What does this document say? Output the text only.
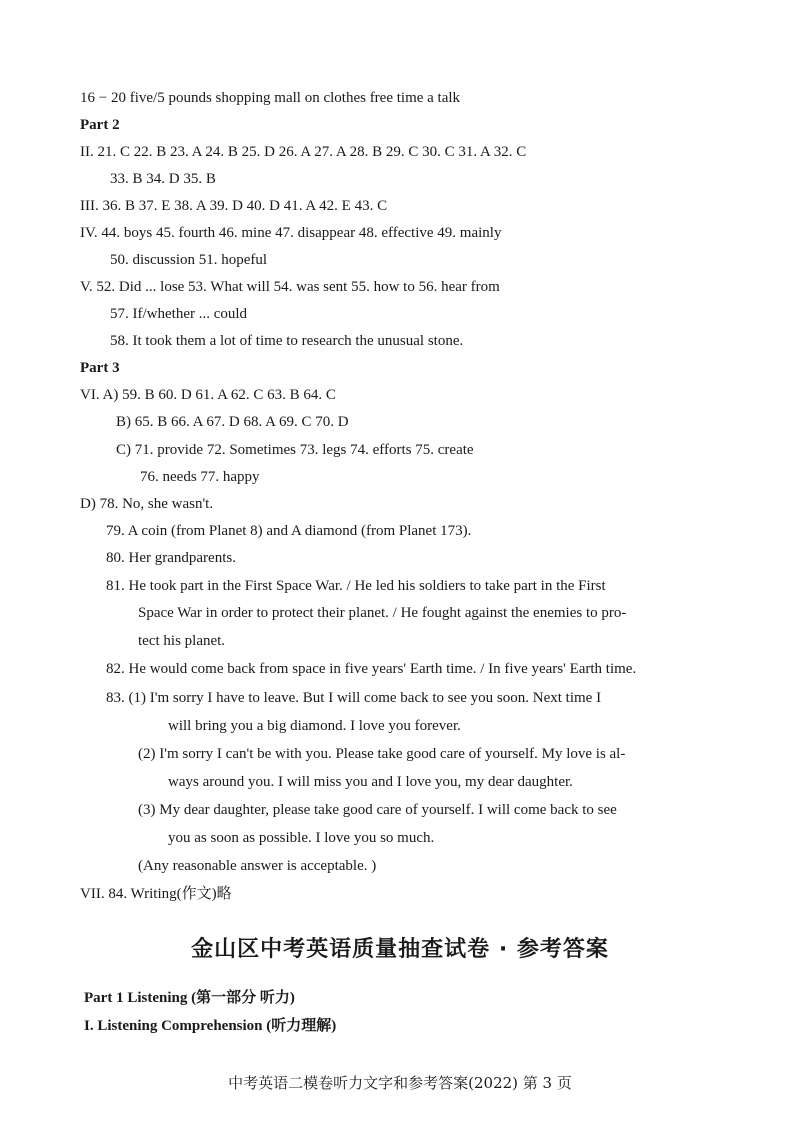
16 − 20 five/5 pounds shopping mall on clothes free time a talk
Part 2
II. 21. C 22. B 23. A 24. B 25. D 26. A 27. A 28. B 29. C 30. C 31. A 32. C
33. B 34. D 35. B
III. 36. B 37. E 38. A 39. D 40. D 41. A 42. E 43. C
IV. 44. boys 45. fourth 46. mine 47. disappear 48. effective 49. mainly
50. discussion 51. hopeful
V. 52. Did ... lose 53. What will 54. was sent 55. how to 56. hear from
57. If/whether ... could
58. It took them a lot of time to research the unusual stone.
Part 3
VI. A) 59. B 60. D 61. A 62. C 63. B 64. C
B) 65. B 66. A 67. D 68. A 69. C 70. D
C) 71. provide 72. Sometimes 73. legs 74. efforts 75. create
76. needs 77. happy
D) 78. No, she wasn't.
79. A coin (from Planet 8) and A diamond (from Planet 173).
80. Her grandparents.
81. He took part in the First Space War. / He led his soldiers to take part in the First
Space War in order to protect their planet. / He fought against the enemies to pro-
tect his planet.
82. He would come back from space in five years' Earth time. / In five years' Earth time.
83. (1) I'm sorry I have to leave. But I will come back to see you soon. Next time I
will bring you a big diamond. I love you forever.
(2) I'm sorry I can't be with you. Please take good care of yourself. My love is al-
ways around you. I will miss you and I love you, my dear daughter.
(3) My dear daughter, please take good care of yourself. I will come back to see
you as soon as possible. I love you so much.
(Any reasonable answer is acceptable. )
VII. 84. Writing(作文)略
金山区中考英语质量抽查试卷 · 参考答案
Part 1 Listening (第一部分 听力)
I. Listening Comprehension (听力理解)
中考英语二模卷听力文字和参考答案(2022) 第 3 页
